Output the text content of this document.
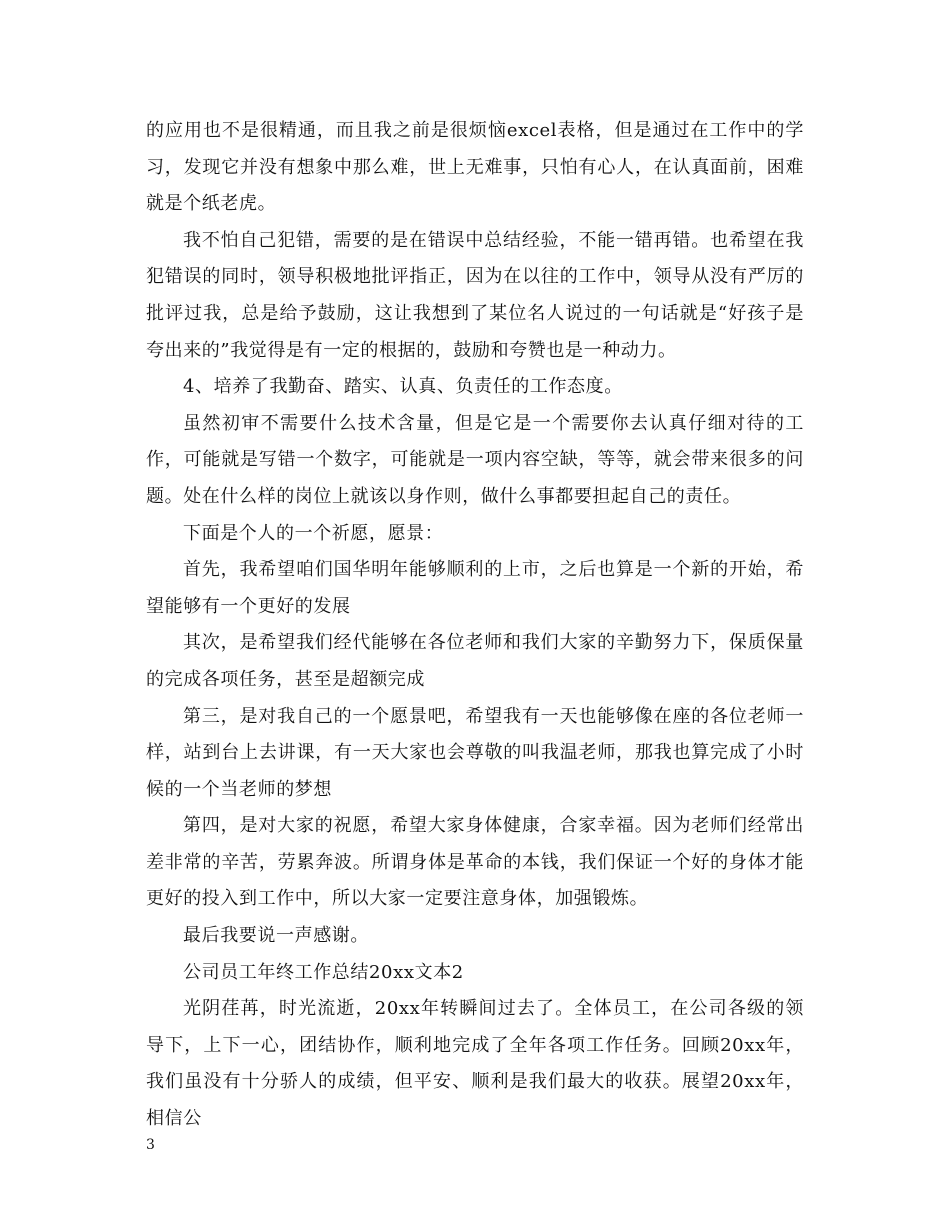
的应用也不是很精通，而且我之前是很烦恼excel表格，但是通过在工作中的学习，发现它并没有想象中那么难，世上无难事，只怕有心人，在认真面前，困难就是个纸老虎。

我不怕自己犯错，需要的是在错误中总结经验，不能一错再错。也希望在我犯错误的同时，领导积极地批评指正，因为在以往的工作中，领导从没有严厉的批评过我，总是给予鼓励，这让我想到了某位名人说过的一句话就是“好孩子是夸出来的”我觉得是有一定的根据的，鼓励和夸赞也是一种动力。

4、培养了我勤奋、踏实、认真、负责任的工作态度。

虽然初审不需要什么技术含量，但是它是一个需要你去认真仔细对待的工作，可能就是写错一个数字，可能就是一项内容空缺，等等，就会带来很多的问题。处在什么样的岗位上就该以身作则，做什么事都要担起自己的责任。

下面是个人的一个祈愿，愿景：

首先，我希望咱们国华明年能够顺利的上市，之后也算是一个新的开始，希望能够有一个更好的发展

其次，是希望我们经代能够在各位老师和我们大家的辛勤努力下，保质保量的完成各项任务，甚至是超额完成

第三，是对我自己的一个愿景吧，希望我有一天也能够像在座的各位老师一样，站到台上去讲课，有一天大家也会尊敬的叫我温老师，那我也算完成了小时候的一个当老师的梦想

第四，是对大家的祝愿，希望大家身体健康，合家幸福。因为老师们经常出差非常的辛苦，劳累奔波。所谓身体是革命的本钱，我们保证一个好的身体才能更好的投入到工作中，所以大家一定要注意身体，加强锻炼。

最后我要说一声感谢。

公司员工年终工作总结20xx文本2

光阴荏苒，时光流逝，20xx年转瞬间过去了。全体员工，在公司各级的领导下，上下一心，团结协作，顺利地完成了全年各项工作任务。回顾20xx年，我们虽没有十分骄人的成绩，但平安、顺利是我们最大的收获。展望20xx年，相信公

3
